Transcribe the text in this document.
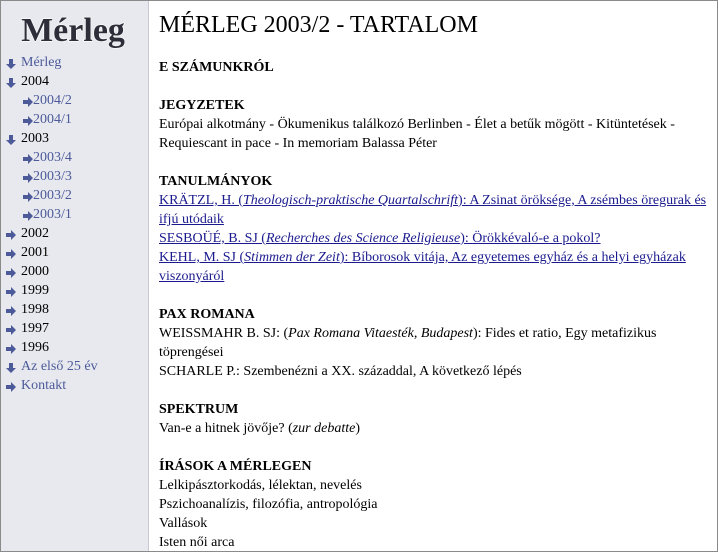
Mérleg
Mérleg
2004
2004/2
2004/1
2003
2003/4
2003/3
2003/2
2003/1
2002
2001
2000
1999
1998
1997
1996
Az első 25 év
Kontakt
MÉRLEG 2003/2 - TARTALOM
E SZÁMUNKRÓL
JEGYZETEK
Európai alkotmány - Ökumenikus találkozó Berlinben - Élet a betűk mögött - Kitüntetések - Requiescant in pace - In memoriam Balassa Péter
TANULMÁNYOK
KRÄTZL, H. (Theologisch-praktische Quartalschrift): A Zsinat öröksége, A zsémbes öregurak és ifjú utódaik
SESBOÜÉ, B. SJ (Recherches des Science Religieuse): Örökkévaló-e a pokol?
KEHL, M. SJ (Stimmen der Zeit): Bíborosok vitája, Az egyetemes egyház és a helyi egyházak viszonyáról
PAX ROMANA
WEISSMAHR B. SJ: (Pax Romana Vitaesték, Budapest): Fides et ratio, Egy metafizikus töprengései
SCHARLE P.: Szembenézni a XX. századdal, A következő lépés
SPEKTRUM
Van-e a hitnek jövője? (zur debatte)
ÍRÁSOK A MÉRLEGEN
Lelkipásztorkodás, lélektan, nevelés
Pszichoanalízis, filozófia, antropológia
Vallások
Isten női arca
